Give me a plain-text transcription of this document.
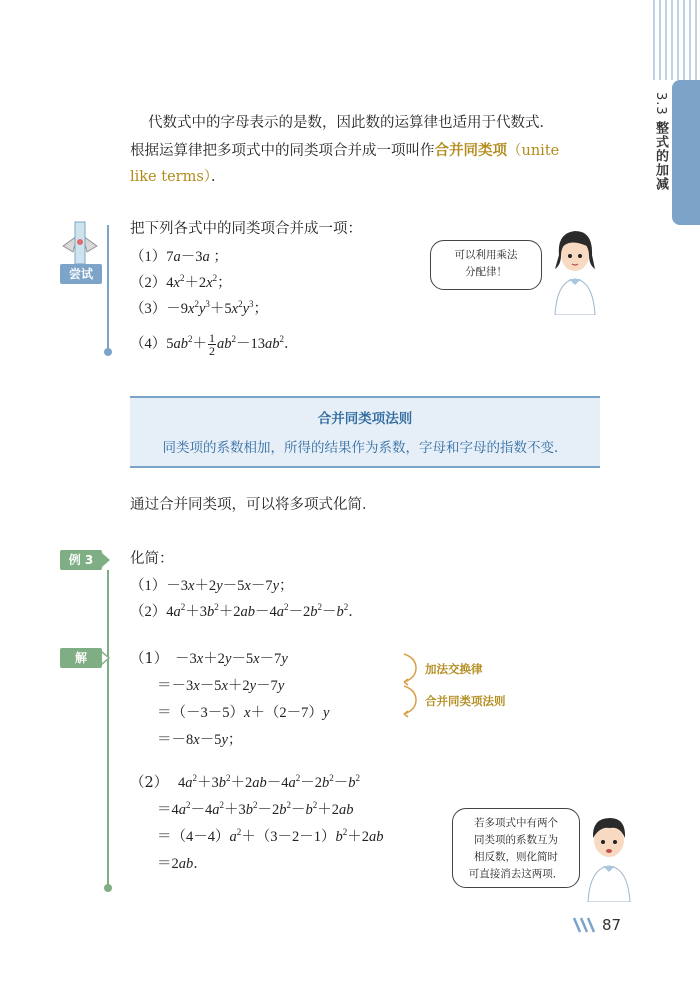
3.3 整式的加减
代数式中的字母表示的是数，因此数的运算律也适用于代数式．
根据运算律把多项式中的同类项合并成一项叫作合并同类项（unite
like terms）．
尝试
把下列各式中的同类项合并成一项：
（1）7a－3a ；
$(2)4x^2+2x^2$；
$(3)-9x^2y^3+5x^2y^3$；
$(4)5ab^2+ \frac{1}{2} ab^2-13ab^2$．
可以利用乘法
分配律！
合并同类项法则
同类项的系数相加，所得的结果作为系数，字母和字母的指数不变．
通过合并同类项，可以将多项式化简．
例 3	化简：
（1）－3x＋2y－5x－7y；
$(2)4a^2+3b^2+2ab-4a^2-2b^2-b^2$．
解	（1） －3x＋2y－5x－7y
＝－3x－5x＋2y－7y
＝（－3－5）x＋（2－7）y
＝－8x－5y；
加法交换律
合并同类项法则
（2） $4a^2+3b^2+2ab-4a^2-2b^2-b^2$
$=4a^2-4a^2+3b^2-2b^2-b^2+2ab$
$=(4-4)a^2+(3-2-1)b^2+2ab$
＝2ab．
若多项式中有两个
同类项的系数互为
相反数，则化简时
可直接消去这两项．
87
